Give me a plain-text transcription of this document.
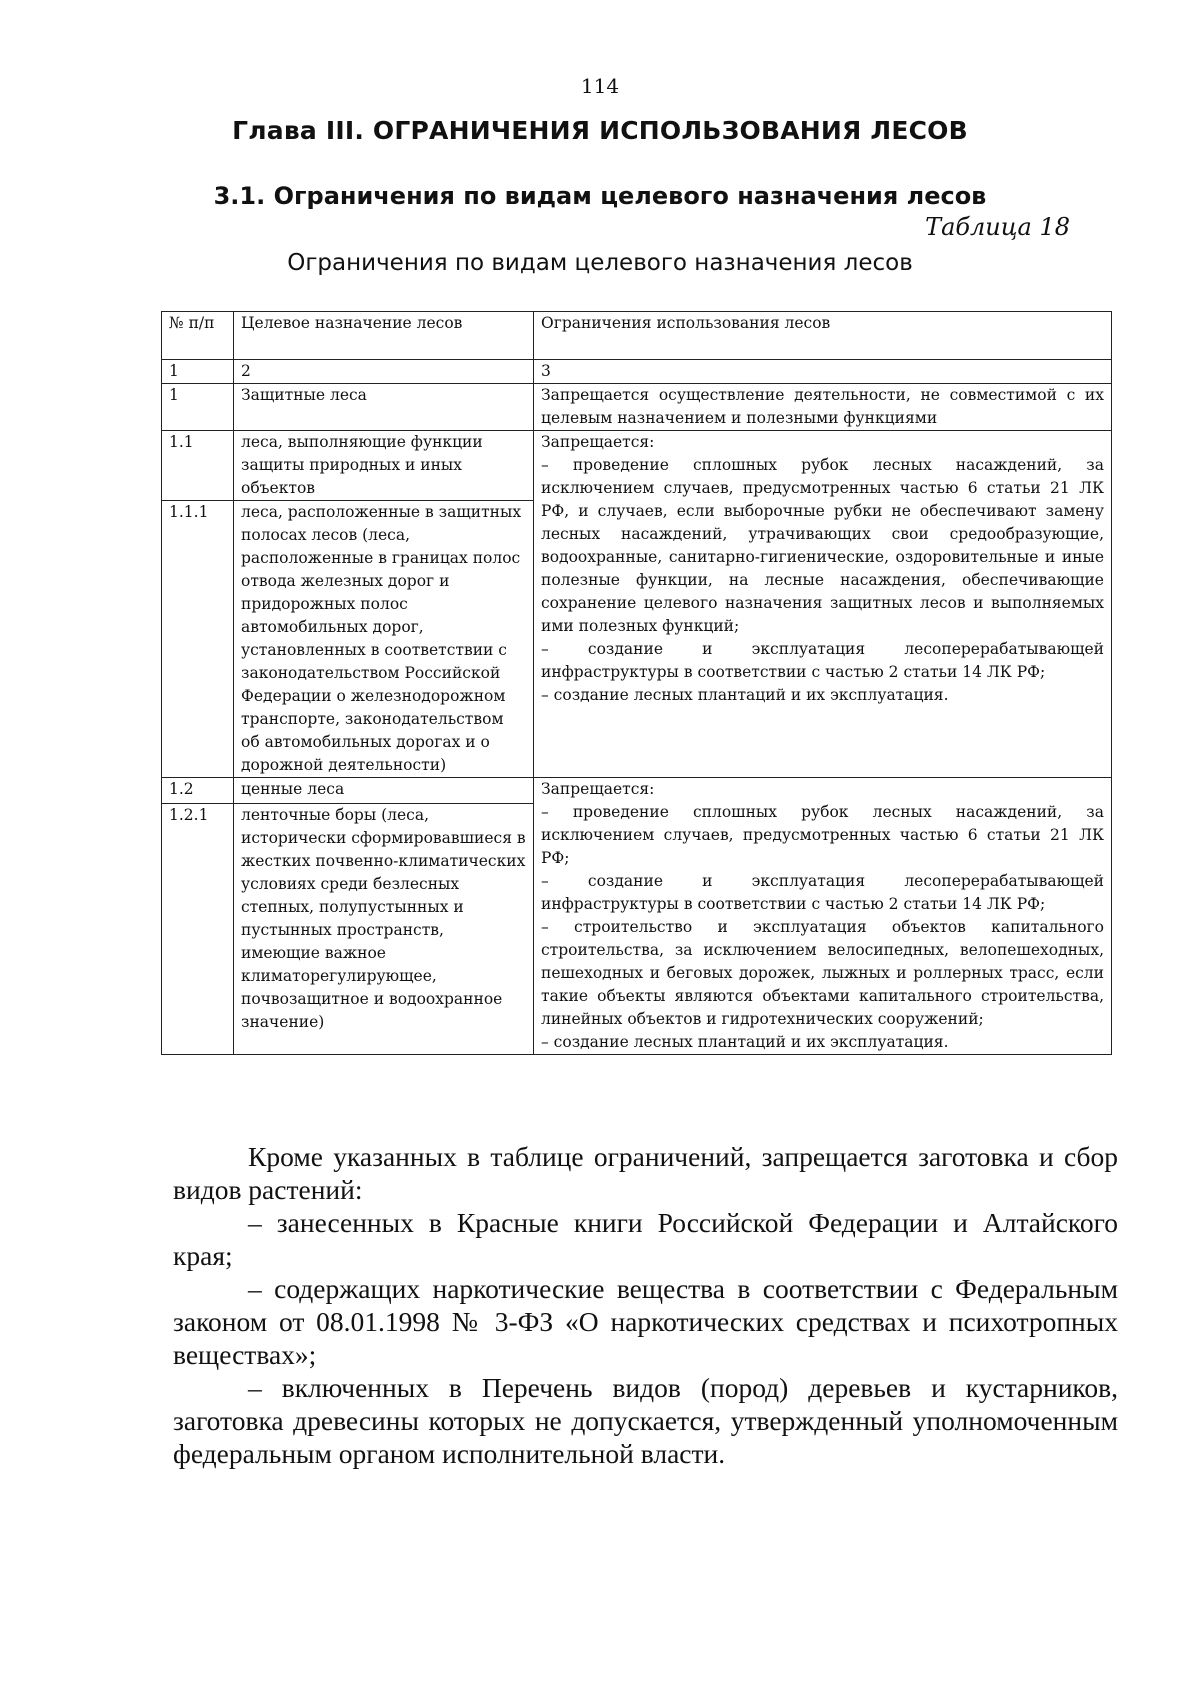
114
Глава III. ОГРАНИЧЕНИЯ ИСПОЛЬЗОВАНИЯ ЛЕСОВ
3.1. Ограничения по видам целевого назначения лесов
Таблица 18
Ограничения по видам целевого назначения лесов
№ п/п	Целевое назначение лесов	Ограничения использования лесов
1	2	3
1	Защитные леса	Запрещается осуществление деятельности, не совместимой с их целевым назначением и полезными функциями
1.1	леса, выполняющие функции защиты природных и иных объектов	Запрещается:
– проведение сплошных рубок лесных насаждений, за исключением случаев, предусмотренных частью 6 статьи 21 ЛК РФ, и случаев, если выборочные рубки не обеспечивают замену лесных насаждений, утрачивающих свои средообразующие, водоохранные, санитарно-гигиенические, оздоровительные и иные полезные функции, на лесные насаждения, обеспечивающие сохранение целевого назначения защитных лесов и выполняемых ими полезных функций;
– создание и эксплуатация лесоперерабатывающей инфраструктуры в соответствии с частью 2 статьи 14 ЛК РФ;
– создание лесных плантаций и их эксплуатация.

1.1.1	леса, расположенные в защитных полосах лесов (леса, расположенные в границах полос отвода железных дорог и придорожных полос автомобильных дорог, установленных в соответствии с законодательством Российской Федерации о железнодорожном транспорте, законодательством об автомобильных дорогах и о дорожной деятельности)	
1.2	ценные леса	Запрещается:
– проведение сплошных рубок лесных насаждений, за исключением случаев, предусмотренных частью 6 статьи 21 ЛК РФ;
– создание и эксплуатация лесоперерабатывающей инфраструктуры в соответствии с частью 2 статьи 14 ЛК РФ;
– строительство и эксплуатация объектов капитального строительства, за исключением велосипедных, велопешеходных, пешеходных и беговых дорожек, лыжных и роллерных трасс, если такие объекты являются объектами капитального строительства, линейных объектов и гидротехнических сооружений;
– создание лесных плантаций и их эксплуатация.

1.2.1	ленточные боры (леса, исторически сформировавшиеся в жестких почвенно-климатических условиях среди безлесных степных, полупустынных и пустынных пространств, имеющие важное климаторегулирующее, почвозащитное и водоохранное значение)	

Кроме указанных в таблице ограничений, запрещается заготовка и сбор видов растений:

– занесенных в Красные книги Российской Федерации и Алтайского края;

– содержащих наркотические вещества в соответствии с Федеральным законом от 08.01.1998 № 3-ФЗ «О наркотических средствах и психотропных веществах»;

– включенных в Перечень видов (пород) деревьев и кустарников, заготовка древесины которых не допускается, утвержденный уполномоченным федеральным органом исполнительной власти.
